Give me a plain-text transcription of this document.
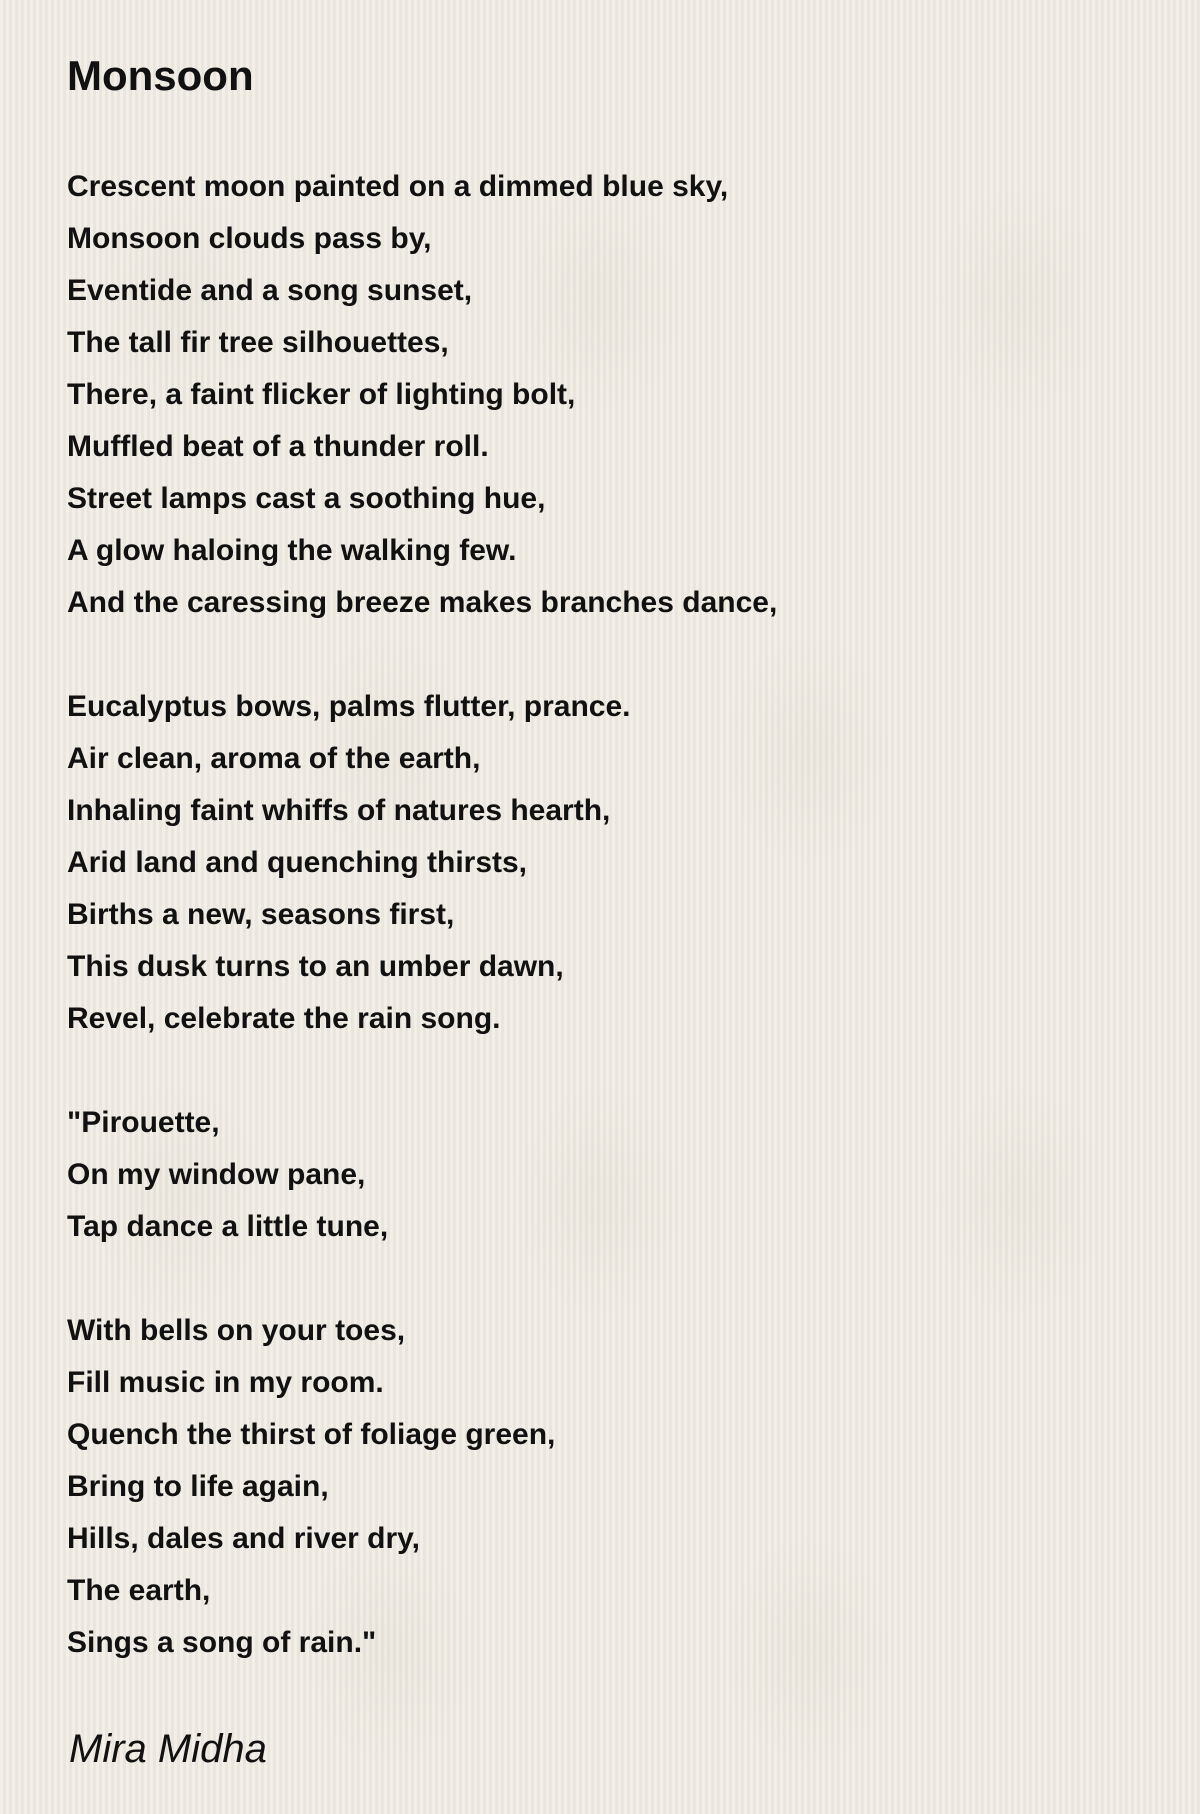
Monsoon
Crescent moon painted on a dimmed blue sky,
Monsoon clouds pass by,
Eventide and a song sunset,
The tall fir tree silhouettes,
There, a faint flicker of lighting bolt,
Muffled beat of a thunder roll.
Street lamps cast a soothing hue,
A glow haloing the walking few.
And the caressing breeze makes branches dance,
Eucalyptus bows, palms flutter, prance.
Air clean, aroma of the earth,
Inhaling faint whiffs of natures hearth,
Arid land and quenching thirsts,
Births a new, seasons first,
This dusk turns to an umber dawn,
Revel, celebrate the rain song.
"Pirouette,
On my window pane,
Tap dance a little tune,
With bells on your toes,
Fill music in my room.
Quench the thirst of foliage green,
Bring to life again,
Hills, dales and river dry,
The earth,
Sings a song of rain."
Mira Midha
